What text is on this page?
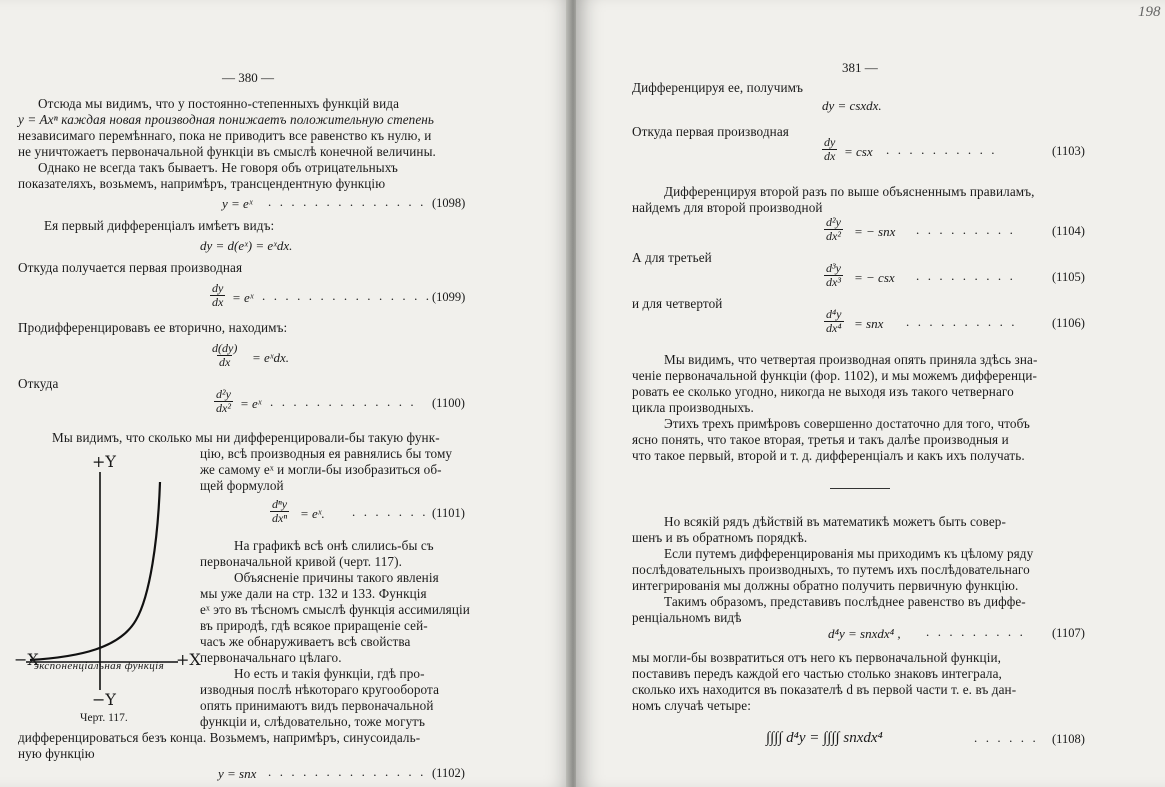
— 380 —
Отсюда мы видимъ, что у постоянно-степенныхъ функцій вида
y = Axⁿ каждая новая производная понижаетъ положительную степень
независимаго перемѣннаго, пока не приводитъ все равенство къ нулю, и
не уничтожаетъ первоначальной функціи въ смыслѣ конечной величины.
Однако не всегда такъ бываетъ. Не говоря объ отрицательныхъ
показателяхъ, возьмемъ, напримѣръ, трансцендентную функцію
y = eˣ . . . . . . . . . . . . . . (1098)
Ея первый дифференціалъ имѣетъ видъ:
dy = d(eˣ) = eˣdx.
Откуда получается первая производная
$\frac{dy}{dx}$ = eˣ . . . . . . . . . . . . . . . (1099)
Продифференцировавъ ее вторично, находимъ:
$\frac{d(dy)}{dx}$ = eˣdx.
Откуда
$\frac{\text{d²y}}{\text{dx²}}$ = eˣ . . . . . . . . . . . . . (1100)
Мы видимъ, что сколько мы ни дифференцировали-бы такую функ-
цію, всѣ производныя ея равнялись бы тому
же самому eˣ и могли-бы изобразиться об-
щей формулой
dⁿy
dxⁿ = eˣ. . . . . . . . (1101)
На графикѣ всѣ онѣ слились-бы съ
первоначальной кривой (черт. 117).
Объясненіе причины такого явленія
мы уже дали на стр. 132 и 133. Функція
eˣ это въ тѣсномъ смыслѣ функція ассимиляціи
въ природѣ, гдѣ всякое приращеніе сей-
часъ же обнаруживаетъ всѣ свойства
первоначальнаго цѣлаго.
Но есть и такія функціи, гдѣ про-
изводныя послѣ нѣкотораго кругооборота
опять принимаютъ видъ первоначальной
функціи и, слѣдовательно, тоже могутъ
дифференцироваться безъ конца. Возьмемъ, напримѣръ, синусоидаль-
ную функцію
y = snx . . . . . . . . . . . . . . (1102)
+Y
−Y
−X	+X
экспоненціальная функція
Черт. 117.
381 —
198
Дифференцируя ее, получимъ
dy = csxdx.
Откуда первая производная
$\frac{dy}{dx}$ = csx . . . . . . . . . .	(1103)
Дифференцируя второй разъ по выше объясненнымъ правиламъ,
найдемъ для второй производной
$\frac{\text{d²y}}{\text{dx²}}$ = − snx . . . . . . . . .	(1104)
А для третьей
$\frac{\text{d³y}}{\text{dx³}}$ = − csx . . . . . . . . .	(1105)
и для четвертой
$\frac{\text{d⁴y}}{\text{dx⁴}}$ = snx . . . . . . . . . .	(1106)
Мы видимъ, что четвертая производная опять приняла здѣсь зна-
ченіе первоначальной функціи (фор. 1102), и мы можемъ дифференци-
ровать ее сколько угодно, никогда не выходя изъ такого четвернаго
цикла производныхъ.
Этихъ трехъ примѣровъ совершенно достаточно для того, чтобъ
ясно понять, что такое вторая, третья и такъ далѣе производныя и
что такое первый, второй и т. д. дифференціалъ и какъ ихъ получать.
Но всякій рядъ дѣйствій въ математикѣ можетъ быть совер-
шенъ и въ обратномъ порядкѣ.
Если путемъ дифференцированія мы приходимъ къ цѣлому ряду
послѣдовательныхъ производныхъ, то путемъ ихъ послѣдовательнаго
интегрированія мы должны обратно получить первичную функцію.
Такимъ образомъ, представивъ послѣднее равенство въ диффе-
ренціальномъ видѣ
d⁴y = snxdx⁴ , . . . . . . . . . (1107)
мы могли-бы возвратиться отъ него къ первоначальной функціи,
поставивъ передъ каждой его частью столько знаковъ интеграла,
сколько ихъ находится въ показателѣ d въ первой части т. е. въ дан-
номъ случаѣ четыре:
∫∫∫∫ d⁴y = ∫∫∫∫ snxdx⁴	. . . . . . (1108)
